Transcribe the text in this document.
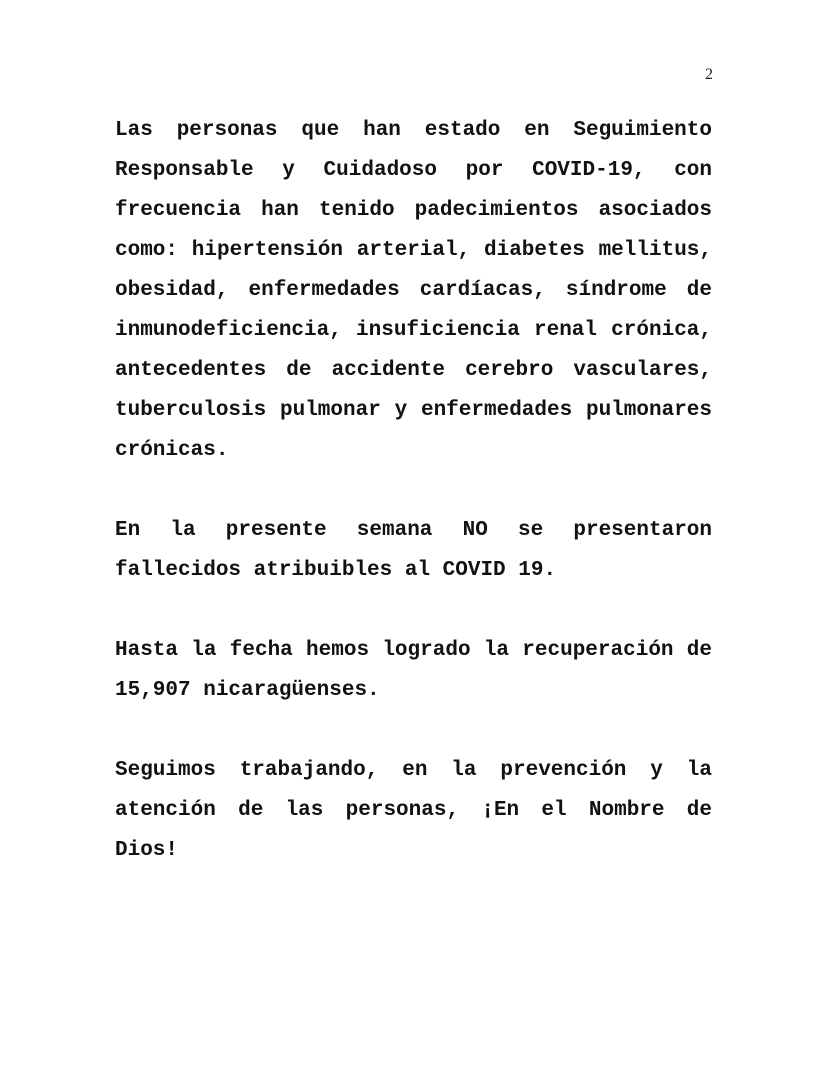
2

Las personas que han estado en Seguimiento Responsable y Cuidadoso por COVID-19, con frecuencia han tenido padecimientos asociados como: hipertensión arterial, diabetes mellitus, obesidad, enfermedades cardíacas, síndrome de inmunodeficiencia, insuficiencia renal crónica, antecedentes de accidente cerebro vasculares, tuberculosis pulmonar y enfermedades pulmonares crónicas.

En la presente semana NO se presentaron fallecidos atribuibles al COVID 19.

Hasta la fecha hemos logrado la recuperación de 15,907 nicaragüenses.

Seguimos trabajando, en la prevención y la atención de las personas, ¡En el Nombre de Dios!
